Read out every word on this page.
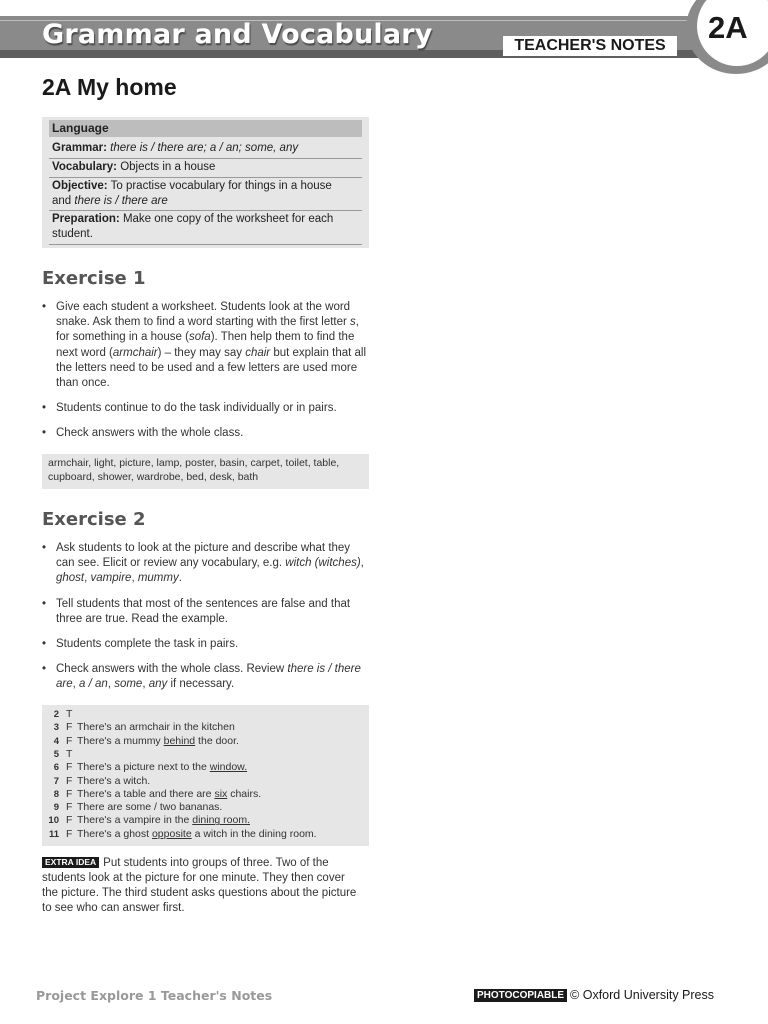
Grammar and Vocabulary	TEACHER'S NOTES
2A
2A My home
Language
Grammar: there is / there are; a / an; some, any
Vocabulary: Objects in a house
Objective: To practise vocabulary for things in a house
and there is / there are
Preparation: Make one copy of the worksheet for each
student.
Exercise 1
• Give each student a worksheet. Students look at the word
snake. Ask them to find a word starting with the first letter s,
for something in a house (sofa). Then help them to find the
next word (armchair) – they may say chair but explain that all
the letters need to be used and a few letters are used more
than once.
• Students continue to do the task individually or in pairs.
• Check answers with the whole class.
armchair, light, picture, lamp, poster, basin, carpet, toilet, table,
cupboard, shower, wardrobe, bed, desk, bath
Exercise 2
• Ask students to look at the picture and describe what they
can see. Elicit or review any vocabulary, e.g. witch (witches),
ghost, vampire, mummy.
• Tell students that most of the sentences are false and that
three are true. Read the example.
• Students complete the task in pairs.
• Check answers with the whole class. Review there is / there
are, a / an, some, any if necessary.
2 T
3 F There's an armchair in the kitchen
4 F There's a mummy behind the door.
5 T
6 F There's a picture next to the window.
7 F There's a witch.
8 F There's a table and there are six chairs.
9 F There are some / two bananas.
10 F There's a vampire in the dining room.
11 F There's a ghost opposite a witch in the dining room.

EXTRA IDEA Put students into groups of three. Two of the
students look at the picture for one minute. They then cover
the picture. The third student asks questions about the picture
to see who can answer first.

Project Explore 1 Teacher's Notes	PHOTOCOPIABLE © Oxford University Press
